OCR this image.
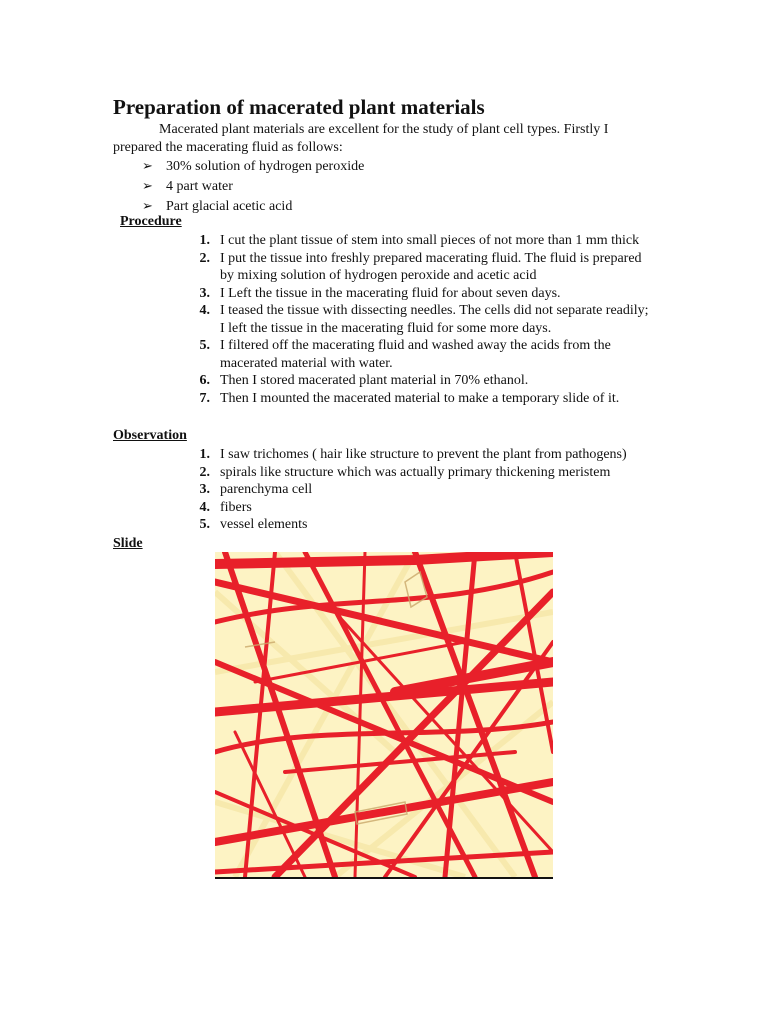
Preparation of macerated plant materials

Macerated plant materials are excellent for the study of plant cell types. Firstly I
prepared the macerating fluid as follows:

➢ 30% solution of hydrogen peroxide
➢ 4 part water
➢ Part glacial acetic acid
Procedure
1. I cut the plant tissue of stem into small pieces of not more than 1 mm thick
2. I put the tissue into freshly prepared macerating fluid. The fluid is prepared by mixing solution of hydrogen peroxide and acetic acid
3. I Left the tissue in the macerating fluid for about seven days.
4. I teased the tissue with dissecting needles. The cells did not separate readily; I left the tissue in the macerating fluid for some more days.
5. I filtered off the macerating fluid and washed away the acids from the macerated material with water.
6. Then I stored macerated plant material in 70% ethanol.
7. Then I mounted the macerated material to make a temporary slide of it.
Observation
1. I saw trichomes ( hair like structure to prevent the plant from pathogens)
2. spirals like structure which was actually primary thickening meristem
3. parenchyma cell
4. fibers
5. vessel elements
Slide
